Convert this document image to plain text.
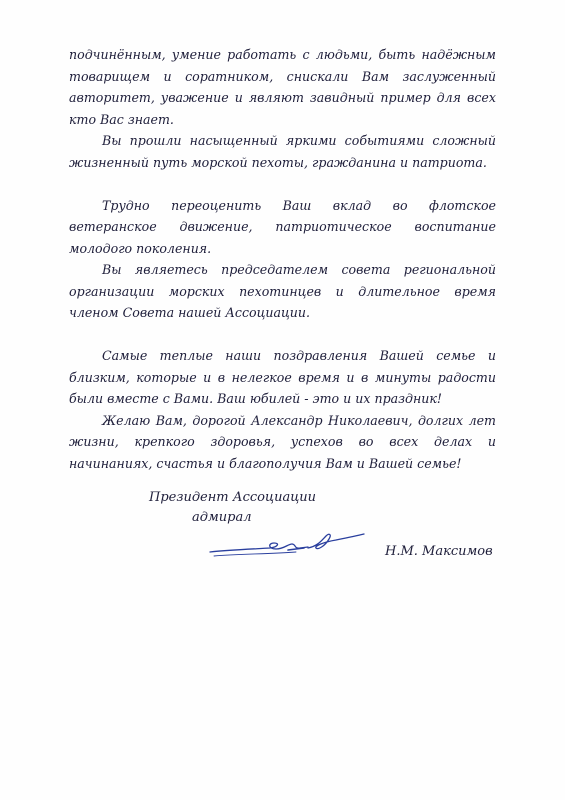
подчинённым, умение работать с людьми, быть надёжным товарищем и соратником, снискали Вам заслуженный авторитет, уважение и являют завидный пример для всех кто Вас знает.

Вы прошли насыщенный яркими событиями сложный жизненный путь морской пехоты, гражданина и патриота.

Трудно переоценить Ваш вклад во флотское ветеранское движение, патриотическое воспитание молодого поколения.

Вы являетесь председателем совета региональной организации морских пехотинцев и длительное время членом Совета нашей Ассоциации.

Самые теплые наши поздравления Вашей семье и близким, которые и в нелегкое время и в минуты радости были вместе с Вами. Ваш юбилей - это и их праздник!

Желаю Вам, дорогой Александр Николаевич, долгих лет жизни, крепкого здоровья, успехов во всех делах и начинаниях, счастья и благополучия Вам и Вашей семье!

Президент Ассоциации
адмирал
Н.М. Максимов
